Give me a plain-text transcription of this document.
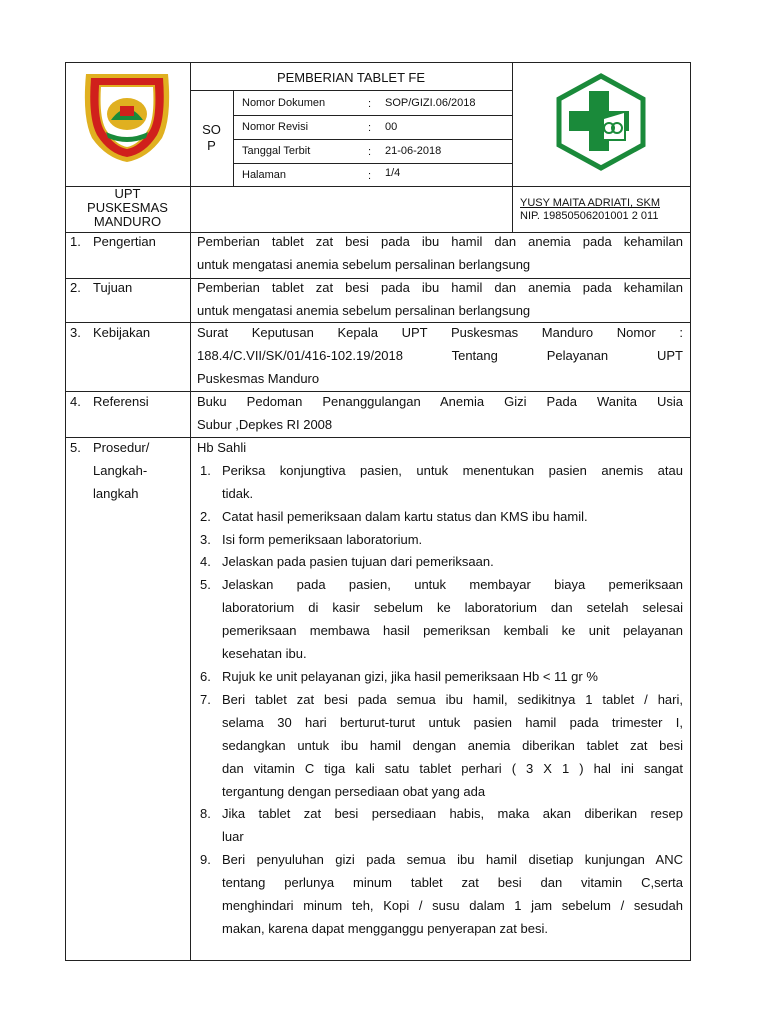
PEMBERIAN TABLET FE
SO
P
Nomor Dokumen	: SOP/GIZI.06/2018
Nomor Revisi	: 00
Tanggal Terbit	: 21-06-2018
Halaman	: 1/4
UPT
PUSKESMAS
MANDURO
YUSY MAITA ADRIATI, SKM
NIP. 19850506201001 2 011
1. Pengertian	Pemberian tablet zat besi pada ibu hamil dan anemia pada kehamilan
untuk mengatasi anemia sebelum persalinan berlangsung
2. Tujuan	Pemberian tablet zat besi pada ibu hamil dan anemia pada kehamilan
untuk mengatasi anemia sebelum persalinan berlangsung
3. Kebijakan	Surat Keputusan Kepala UPT Puskesmas Manduro Nomor :
188.4/C.VII/SK/01/416-102.19/2018 Tentang Pelayanan UPT
Puskesmas Manduro
4. Referensi	Buku Pedoman Penanggulangan Anemia Gizi Pada Wanita Usia
Subur ,Depkes RI 2008
5. Prosedur/
Langkah-
langkah
Hb Sahli
1. Periksa konjungtiva pasien, untuk menentukan pasien anemis atau
tidak.
2. Catat hasil pemeriksaan dalam kartu status dan KMS ibu hamil.
3. Isi form pemeriksaan laboratorium.
4. Jelaskan pada pasien tujuan dari pemeriksaan.
5. Jelaskan pada pasien, untuk membayar biaya pemeriksaan
laboratorium di kasir sebelum ke laboratorium dan setelah selesai
pemeriksaan membawa hasil pemeriksan kembali ke unit pelayanan
kesehatan ibu.
6. Rujuk ke unit pelayanan gizi, jika hasil pemeriksaan Hb < 11 gr %
7. Beri tablet zat besi pada semua ibu hamil, sedikitnya 1 tablet / hari,
selama 30 hari berturut-turut untuk pasien hamil pada trimester I,
sedangkan untuk ibu hamil dengan anemia diberikan tablet zat besi
dan vitamin C tiga kali satu tablet perhari ( 3 X 1 ) hal ini sangat
tergantung dengan persediaan obat yang ada
8. Jika tablet zat besi persediaan habis, maka akan diberikan resep
luar
9. Beri penyuluhan gizi pada semua ibu hamil disetiap kunjungan ANC
tentang perlunya minum tablet zat besi dan vitamin C,serta
menghindari minum teh, Kopi / susu dalam 1 jam sebelum / sesudah
makan, karena dapat mengganggu penyerapan zat besi.
